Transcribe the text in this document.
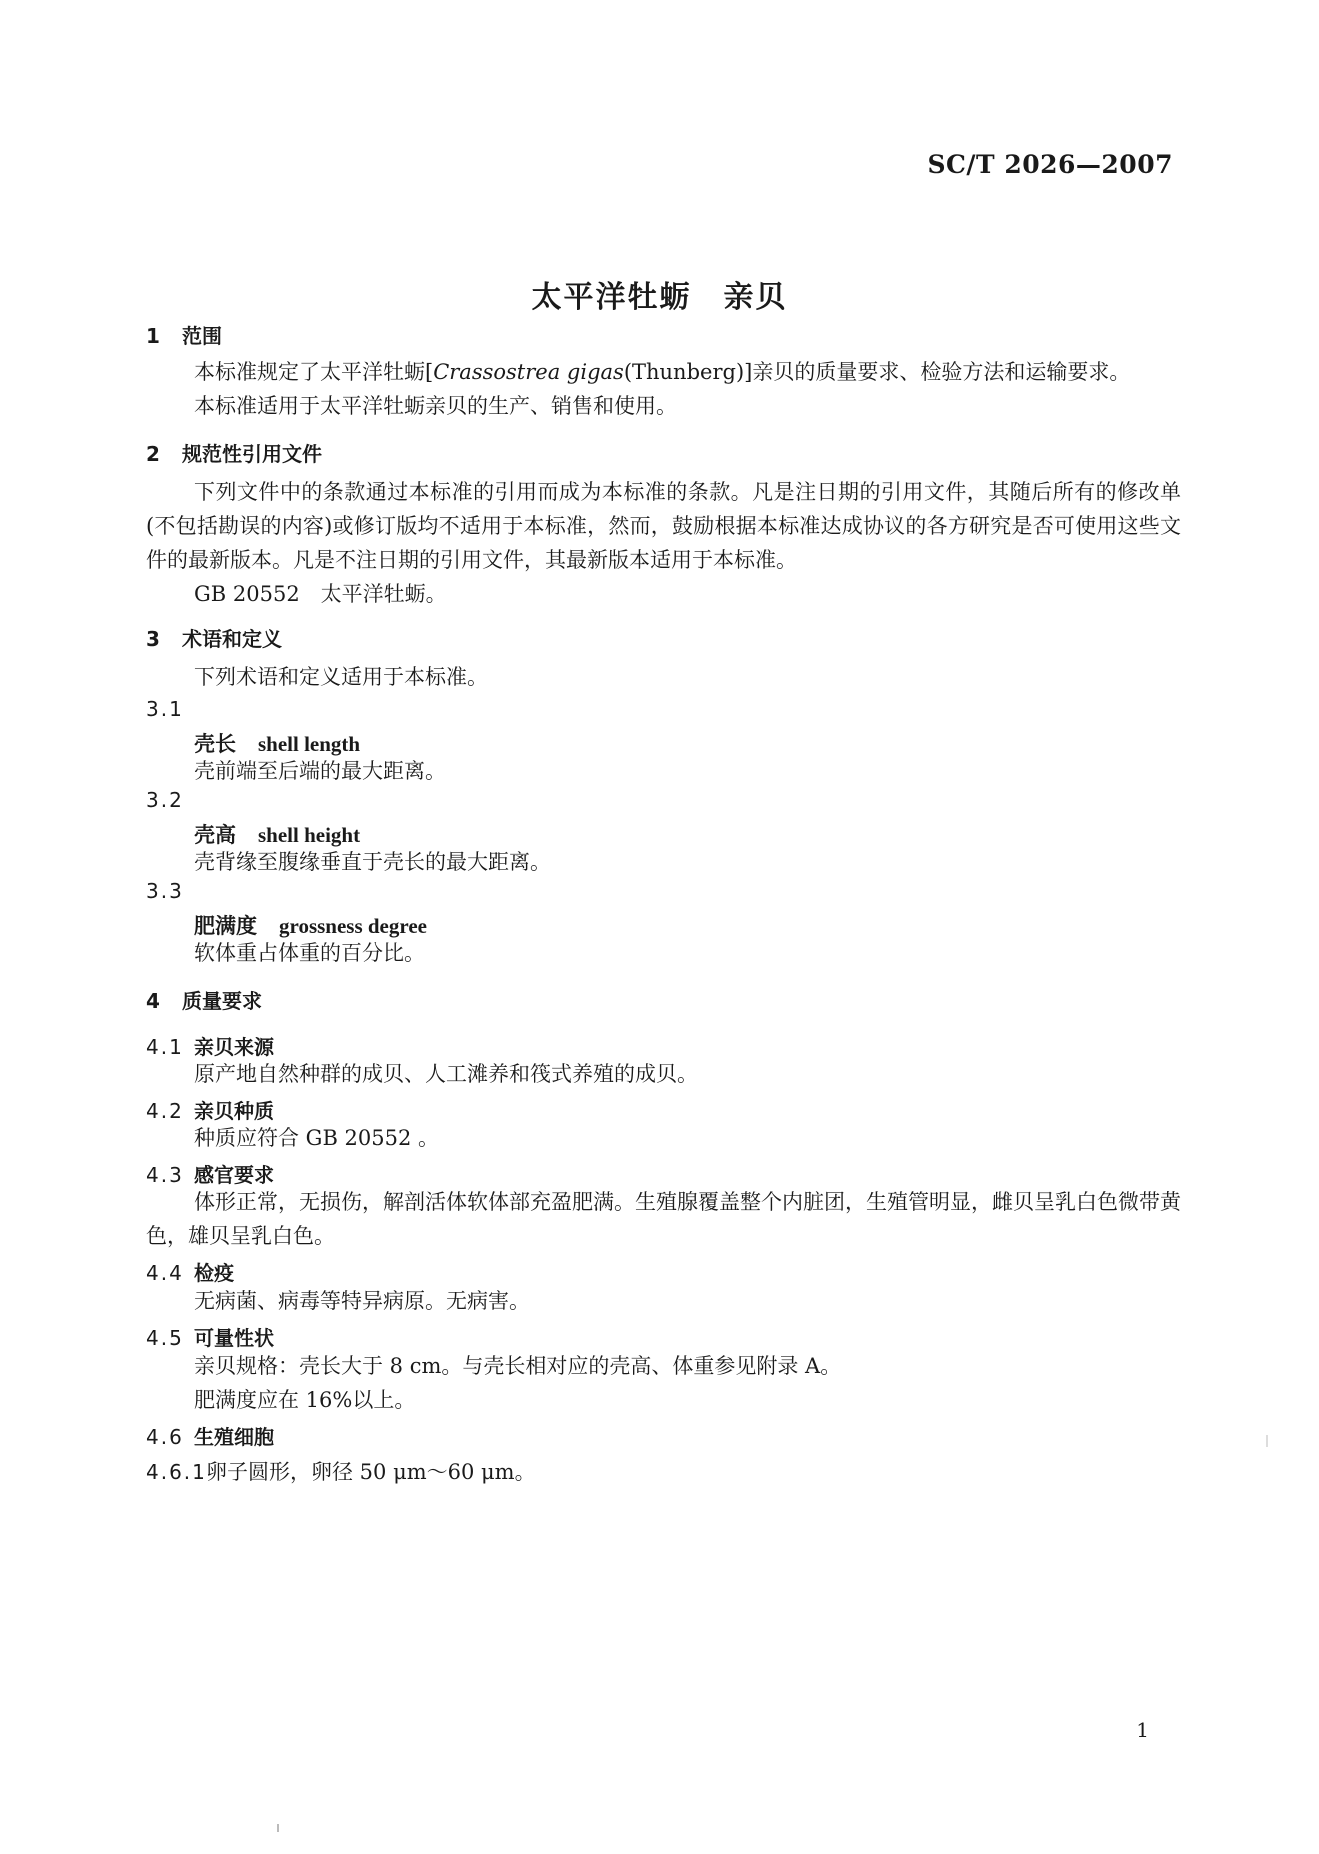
SC/T 2026—2007
太平洋牡蛎　亲贝
1 范围
本标准规定了太平洋牡蛎[Crassostrea gigas(Thunberg)]亲贝的质量要求、检验方法和运输要求。
本标准适用于太平洋牡蛎亲贝的生产、销售和使用。
2 规范性引用文件
下列文件中的条款通过本标准的引用而成为本标准的条款。凡是注日期的引用文件，其随后所有的修改单(不包括勘误的内容)或修订版均不适用于本标准，然而，鼓励根据本标准达成协议的各方研究是否可使用这些文件的最新版本。凡是不注日期的引用文件，其最新版本适用于本标准。
GB 20552　太平洋牡蛎。
3 术语和定义
下列术语和定义适用于本标准。
3.1
壳长 shell length
壳前端至后端的最大距离。
3.2
壳高 shell height
壳背缘至腹缘垂直于壳长的最大距离。
3.3
肥满度 grossness degree
软体重占体重的百分比。
4 质量要求
4.1 亲贝来源
原产地自然种群的成贝、人工滩养和筏式养殖的成贝。
4.2 亲贝种质
种质应符合 GB 20552 。
4.3 感官要求
体形正常，无损伤，解剖活体软体部充盈肥满。生殖腺覆盖整个内脏团，生殖管明显，雌贝呈乳白色微带黄色，雄贝呈乳白色。
4.4 检疫
无病菌、病毒等特异病原。无病害。
4.5 可量性状
亲贝规格：壳长大于 8 cm。与壳长相对应的壳高、体重参见附录 A。
肥满度应在 16%以上。
4.6 生殖细胞
4.6.1卵子圆形，卵径 50 μm～60 μm。
1
